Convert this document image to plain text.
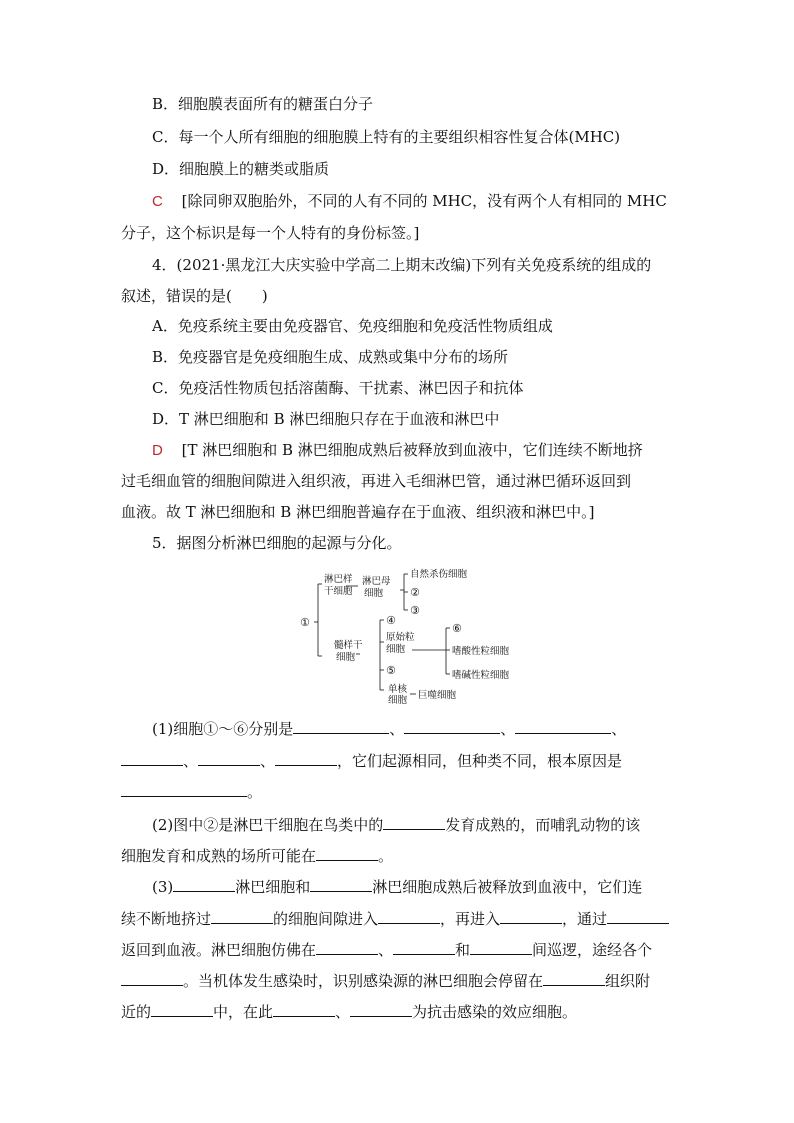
B．细胞膜表面所有的糖蛋白分子
C．每一个人所有细胞的细胞膜上特有的主要组织相容性复合体(MHC)
D．细胞膜上的糖类或脂质
C [除同卵双胞胎外，不同的人有不同的 MHC，没有两个人有相同的 MHC
分子，这个标识是每一个人特有的身份标签。]
4．(2021·黑龙江大庆实验中学高二上期末改编)下列有关免疫系统的组成的
叙述，错误的是(　　)
A．免疫系统主要由免疫器官、免疫细胞和免疫活性物质组成
B．免疫器官是免疫细胞生成、成熟或集中分布的场所
C．免疫活性物质包括溶菌酶、干扰素、淋巴因子和抗体
D．T 淋巴细胞和 B 淋巴细胞只存在于血液和淋巴中
D [T 淋巴细胞和 B 淋巴细胞成熟后被释放到血液中，它们连续不断地挤
过毛细血管的细胞间隙进入组织液，再进入毛细淋巴管，通过淋巴循环返回到
血液。故 T 淋巴细胞和 B 淋巴细胞普遍存在于血液、组织液和淋巴中。]
5．据图分析淋巴细胞的起源与分化。
①
淋巴样
干细胞
淋巴母
细胞
自然杀伤细胞
②
③
髓样干
细胞
④
原始粒
细胞
⑤
单核
细胞 巨噬细胞
⑥
嗜酸性粒细胞
嗜碱性粒细胞
(1)细胞①～⑥分别是	、	、	、
、	、	，它们起源相同，但种类不同，根本原因是
。
(2)图中②是淋巴干细胞在鸟类中的	发育成熟的，而哺乳动物的该
细胞发育和成熟的场所可能在	。
(3)	淋巴细胞和	淋巴细胞成熟后被释放到血液中，它们连
续不断地挤过	的细胞间隙进入	，再进入	，通过
返回到血液。淋巴细胞仿佛在	、	和	间巡逻，途经各个
。当机体发生感染时，识别感染源的淋巴细胞会停留在	组织附
近的	中，在此	、	为抗击感染的效应细胞。
